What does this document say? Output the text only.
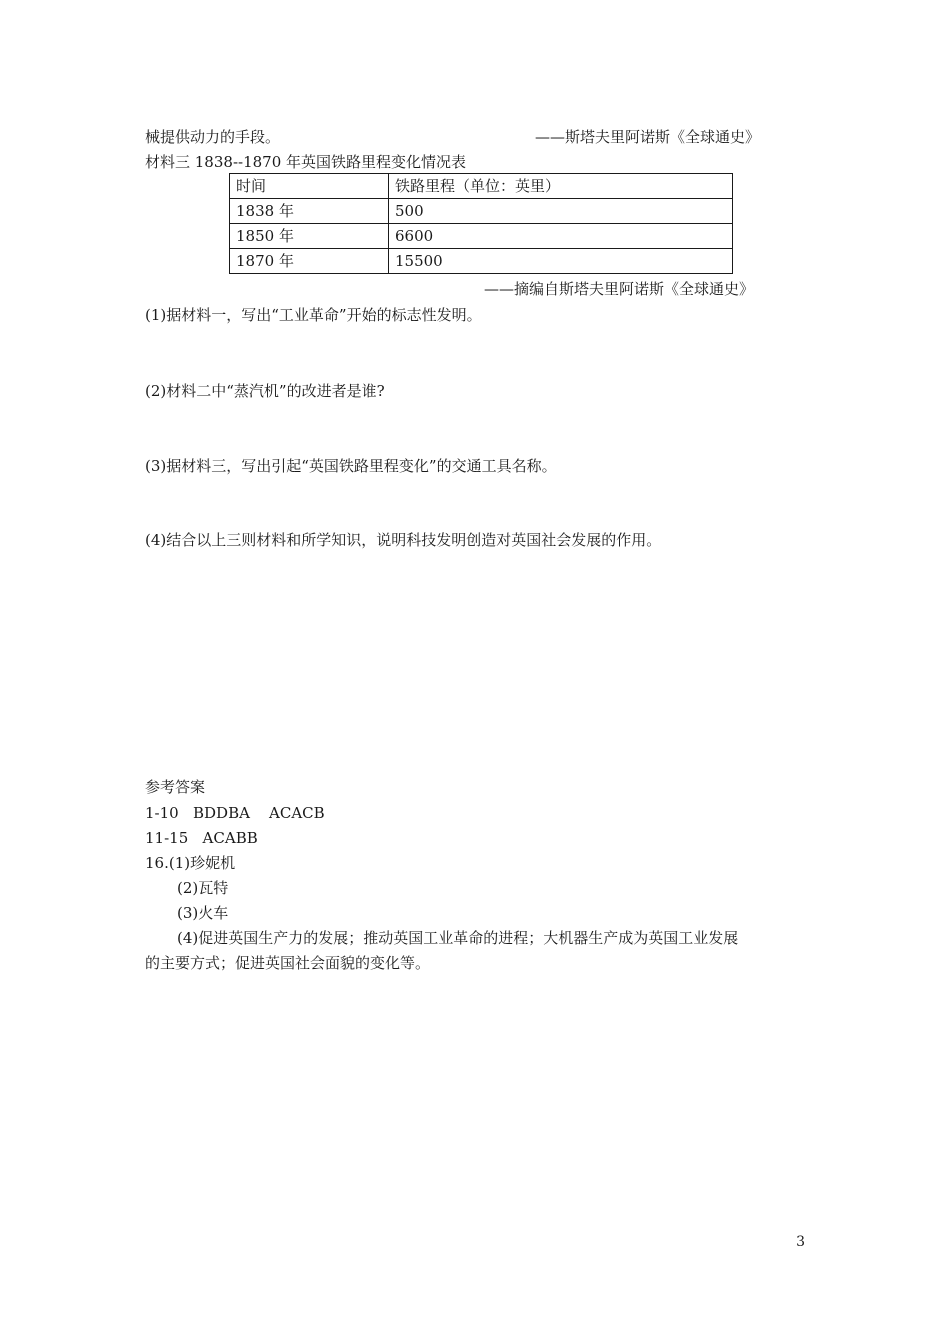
械提供动力的手段。	——斯塔夫里阿诺斯《全球通史》
材料三 1838--1870 年英国铁路里程变化情况表
时间	铁路里程（单位：英里）
1838 年	500
1850 年	6600
1870 年	15500
——摘编自斯塔夫里阿诺斯《全球通史》
(1)据材料一，写出“工业革命”开始的标志性发明。
(2)材料二中“蒸汽机”的改进者是谁?
(3)据材料三，写出引起“英国铁路里程变化”的交通工具名称。
(4)结合以上三则材料和所学知识，说明科技发明创造对英国社会发展的作用。
参考答案
1-10   BDDBA    ACACB
11-15   ACABB
16.(1)珍妮机
(2)瓦特
(3)火车
(4)促进英国生产力的发展；推动英国工业革命的进程；大机器生产成为英国工业发展
的主要方式；促进英国社会面貌的变化等。
3
